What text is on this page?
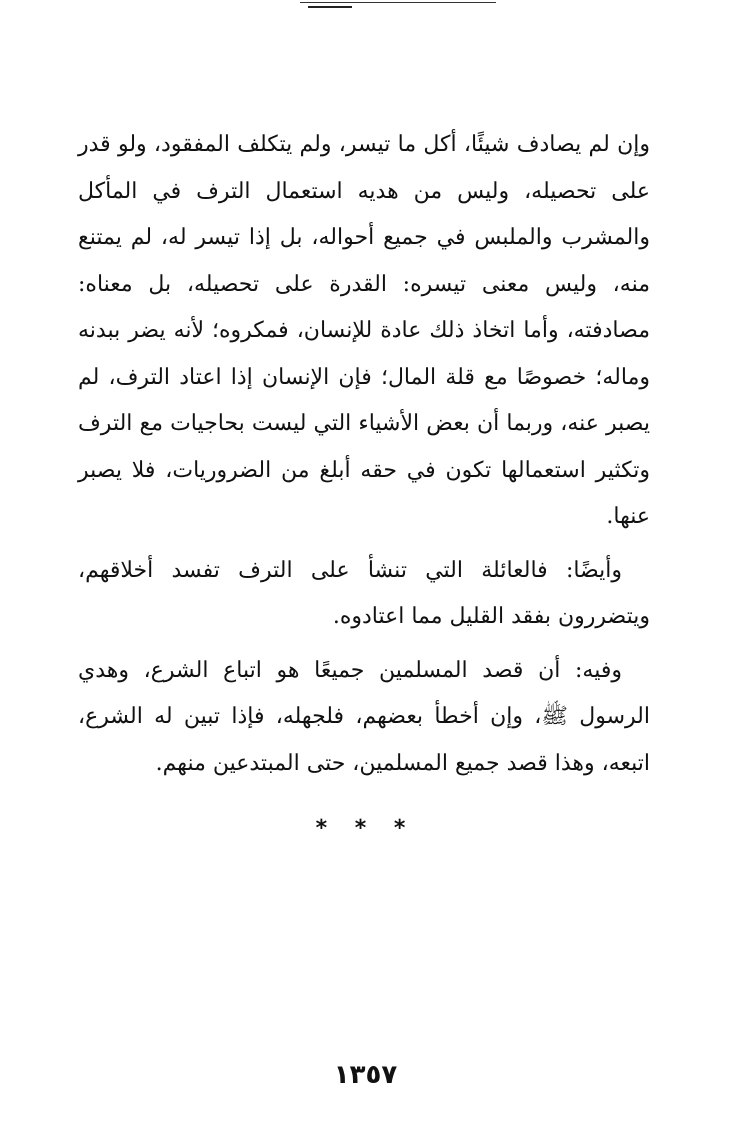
وإن لم يصادف شيئًا، أكل ما تيسر، ولم يتكلف المفقود، ولو قدر على تحصيله، وليس من هديه استعمال الترف في المأكل والمشرب والملبس في جميع أحواله، بل إذا تيسر له، لم يمتنع منه، وليس معنى تيسره: القدرة على تحصيله، بل معناه: مصادفته، وأما اتخاذ ذلك عادة للإنسان، فمكروه؛ لأنه يضر ببدنه وماله؛ خصوصًا مع قلة المال؛ فإن الإنسان إذا اعتاد الترف، لم يصبر عنه، وربما أن بعض الأشياء التي ليست بحاجيات مع الترف وتكثير استعمالها تكون في حقه أبلغ من الضروريات، فلا يصبر عنها.

وأيضًا: فالعائلة التي تنشأ على الترف تفسد أخلاقهم، ويتضررون بفقد القليل مما اعتادوه.

وفيه: أن قصد المسلمين جميعًا هو اتباع الشرع، وهدي الرسول ﷺ، وإن أخطأ بعضهم، فلجهله، فإذا تبين له الشرع، اتبعه، وهذا قصد جميع المسلمين، حتى المبتدعين منهم.

* * *
١٣٥٧
